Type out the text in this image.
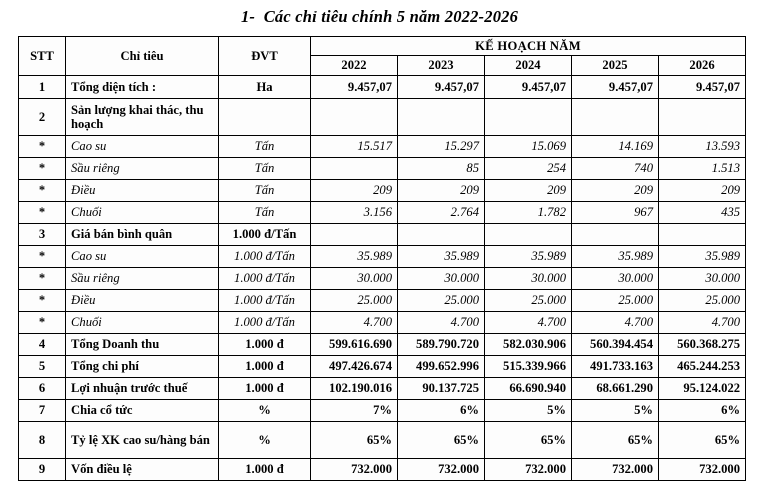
1-  Các chỉ tiêu chính 5 năm 2022-2026
STT	Chỉ tiêu	ĐVT	KẾ HOẠCH NĂM				
			2022	2023	2024	2025	2026
1	Tổng diện tích :	Ha	9.457,07	9.457,07	9.457,07	9.457,07	9.457,07
2	Sản lượng khai thác, thu hoạch						
*	Cao su	Tấn	15.517	15.297	15.069	14.169	13.593
*	Sầu riêng	Tấn		85	254	740	1.513
*	Điều	Tấn	209	209	209	209	209
*	Chuối	Tấn	3.156	2.764	1.782	967	435
3	Giá bán bình quân	1.000 đ/Tấn					
*	Cao su	1.000 đ/Tấn	35.989	35.989	35.989	35.989	35.989
*	Sầu riêng	1.000 đ/Tấn	30.000	30.000	30.000	30.000	30.000
*	Điều	1.000 đ/Tấn	25.000	25.000	25.000	25.000	25.000
*	Chuối	1.000 đ/Tấn	4.700	4.700	4.700	4.700	4.700
4	Tổng Doanh thu	1.000 đ	599.616.690	589.790.720	582.030.906	560.394.454	560.368.275
5	Tổng chi phí	1.000 đ	497.426.674	499.652.996	515.339.966	491.733.163	465.244.253
6	Lợi nhuận trước thuế	1.000 đ	102.190.016	90.137.725	66.690.940	68.661.290	95.124.022
7	Chia cổ tức	%	7%	6%	5%	5%	6%
8	Tỷ lệ XK cao su/hàng bán	%	65%	65%	65%	65%	65%
9	Vốn điều lệ	1.000 đ	732.000	732.000	732.000	732.000	732.000
